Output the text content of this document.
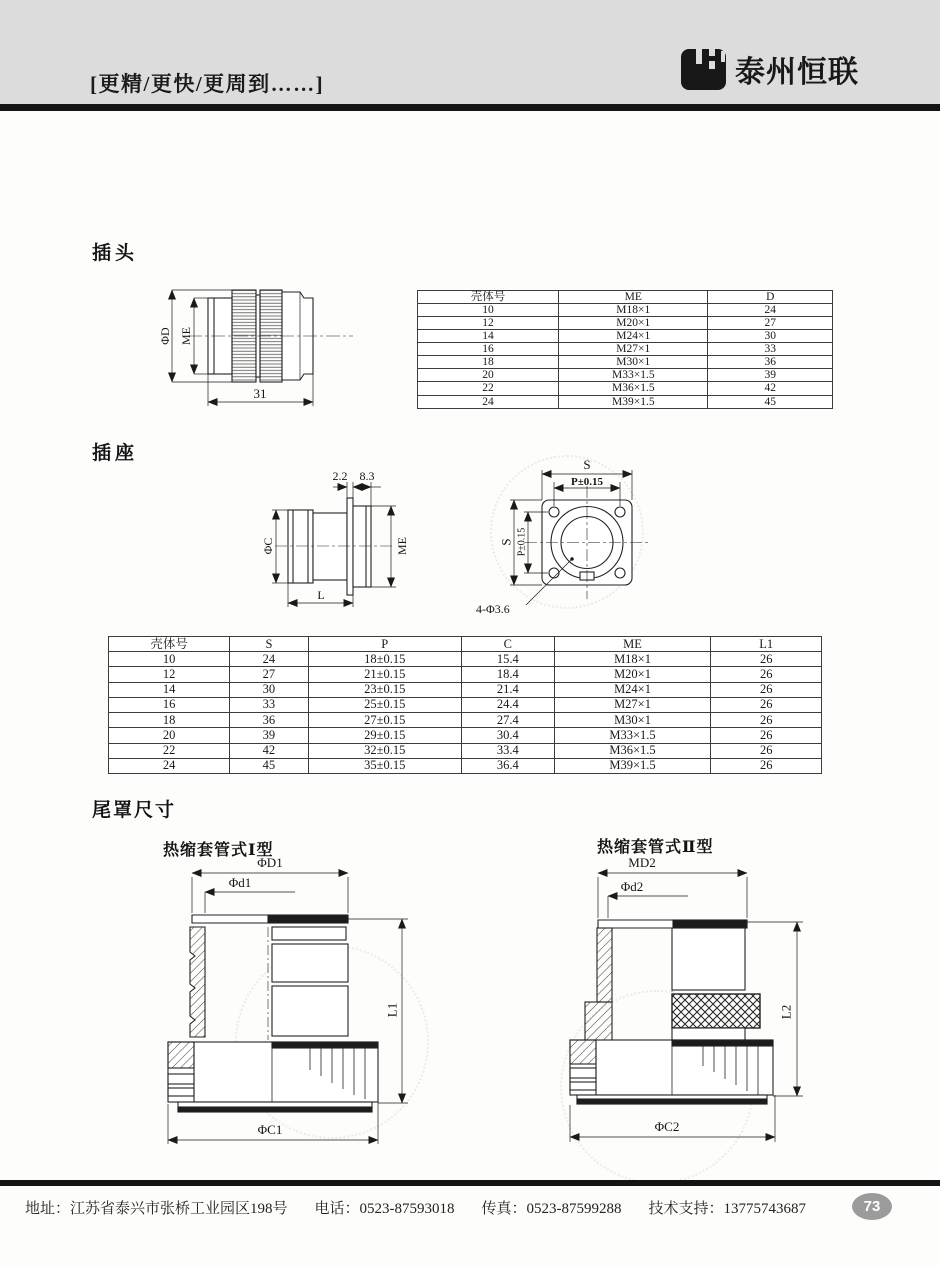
[更精/更快/更周到……]	泰州恒联
插头
ΦD ME
31
壳体号	ME	D
10	M18×1	24
12	M20×1	27
14	M24×1	30
16	M27×1	33
18	M30×1	36
20	M33×1.5	39
22	M36×1.5	42
24	M39×1.5	45
插座
2.2 8.3
ΦC	ME
L
S
P±0.15
S P±0.15
4-Φ3.6
壳体号	S	P	C	ME	L1
10	24	18±0.15	15.4	M18×1	26
12	27	21±0.15	18.4	M20×1	26
14	30	23±0.15	21.4	M24×1	26
16	33	25±0.15	24.4	M27×1	26
18	36	27±0.15	27.4	M30×1	26
20	39	29±0.15	30.4	M33×1.5	26
22	42	32±0.15	33.4	M36×1.5	26
24	45	35±0.15	36.4	M39×1.5	26
尾罩尺寸
热缩套管式Ⅰ型	热缩套管式Ⅱ型
ΦD1
Φd1
L1
ΦC1
MD2
Φd2
L2
ΦC2
地址：江苏省泰兴市张桥工业园区198号 电话：0523-87593018 传真：0523-87599288 技术支持：13775743687	73
